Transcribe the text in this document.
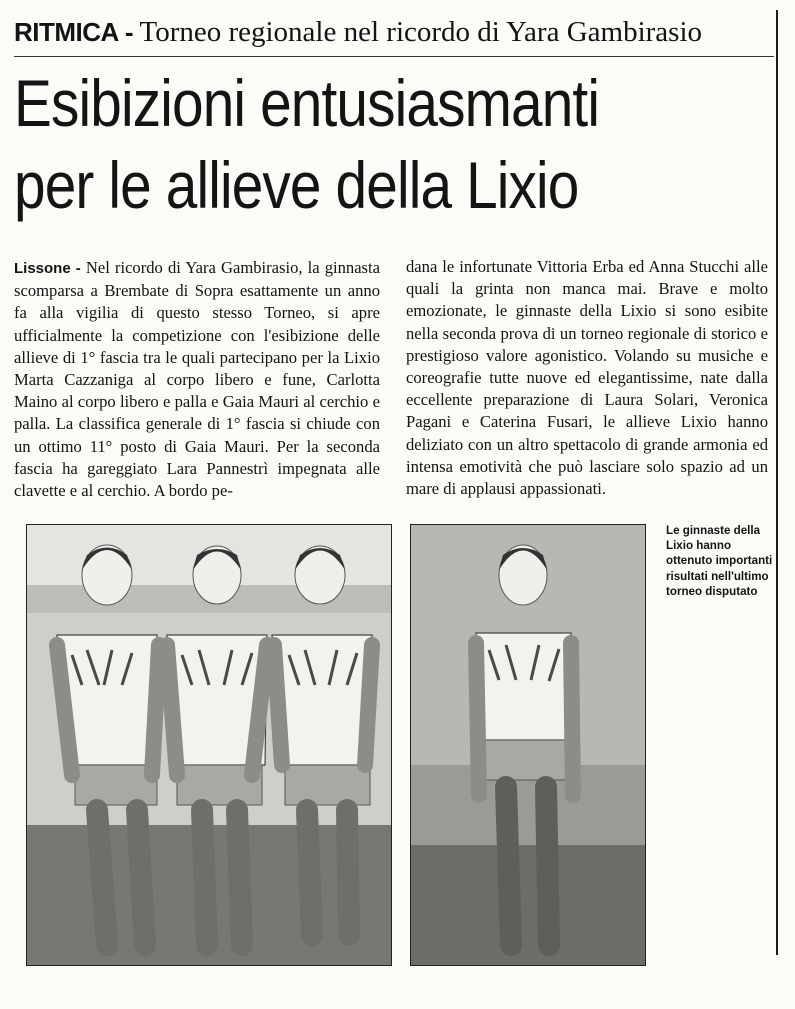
RITMICA - Torneo regionale nel ricordo di Yara Gambirasio
Esibizioni entusiasmanti
per le allieve della Lixio
Lissone - Nel ricordo di Yara Gambirasio, la ginnasta scomparsa a Brembate di Sopra esattamente un anno fa alla vigilia di questo stesso Torneo, si apre ufficialmente la competizione con l'esibizione delle allieve di 1° fascia tra le quali partecipano per la Lixio Marta Cazzaniga al corpo libero e fune, Carlotta Maino al corpo libero e palla e Gaia Mauri al cerchio e palla. La classifica generale di 1° fascia si chiude con un ottimo 11° posto di Gaia Mauri. Per la seconda fascia ha gareggiato Lara Pannestrì impegnata alle clavette e al cerchio. A bordo pe-
dana le infortunate Vittoria Erba ed Anna Stucchi alle quali la grinta non manca mai. Brave e molto emozionate, le ginnaste della Lixio si sono esibite nella seconda prova di un torneo regionale di storico e prestigioso valore agonistico. Volando su musiche e coreografie tutte nuove ed elegantissime, nate dalla eccellente preparazione di Laura Solari, Veronica Pagani e Caterina Fusari, le allieve Lixio hanno deliziato con un altro spettacolo di grande armonia ed intensa emotività che può lasciare solo spazio ad un mare di applausi appassionati.
Le ginnaste della Lixio hanno ottenuto importanti risultati nell'ultimo torneo disputato
